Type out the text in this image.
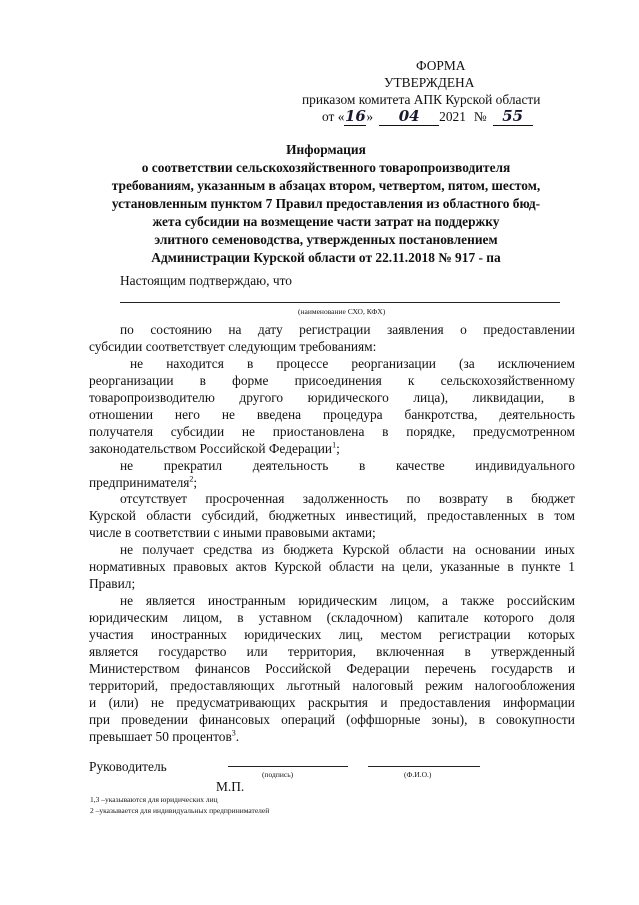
ФОРМА
УТВЕРЖДЕНА
приказом комитета АПК Курской области
от «16» 04 2021 № 55
Информация
о соответствии сельскохозяйственного товаропроизводителя
требованиям, указанным в абзацах втором, четвертом, пятом, шестом,
установленным пунктом 7 Правил предоставления из областного бюд-
жета субсидии на возмещение части затрат на поддержку
элитного семеноводства, утвержденных постановлением
Администрации Курской области от 22.11.2018 № 917 - па
Настоящим подтверждаю, что
(наименование СХО, КФХ)
по состоянию на дату регистрации заявления о предоставлении
субсидии соответствует следующим требованиям:
не находится в процессе реорганизации (за исключением
реорганизации в форме присоединения к сельскохозяйственному
товаропроизводителю другого юридического лица), ликвидации, в
отношении него не введена процедура банкротства, деятельность
получателя субсидии не приостановлена в порядке, предусмотренном
законодательством Российской Федерации$^1$;
не прекратил деятельность в качестве индивидуального
предпринимателя$^2$;
отсутствует просроченная задолженность по возврату в бюджет
Курской области субсидий, бюджетных инвестиций, предоставленных в том
числе в соответствии с иными правовыми актами;
не получает средства из бюджета Курской области на основании иных
нормативных правовых актов Курской области на цели, указанные в пункте 1
Правил;
не является иностранным юридическим лицом, а также российским
юридическим лицом, в уставном (складочном) капитале которого доля
участия иностранных юридических лиц, местом регистрации которых
является государство или территория, включенная в утвержденный
Министерством финансов Российской Федерации перечень государств и
территорий, предоставляющих льготный налоговый режим налогообложения
и (или) не предусматривающих раскрытия и предоставления информации
при проведении финансовых операций (оффшорные зоны), в совокупности
превышает 50 процентов$^3$.
Руководитель
(подпись)	(Ф.И.О.)
М.П.
1,3 –указываются для юридических лиц
2 –указывается для индивидуальных предпринимателей
